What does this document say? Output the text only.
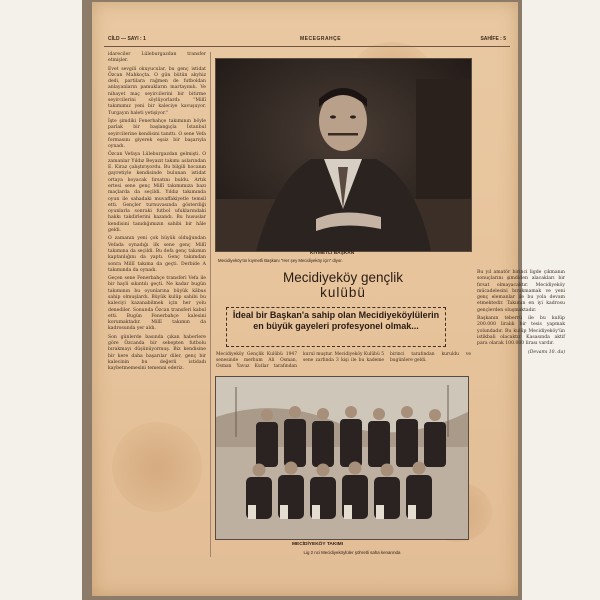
CİLD — SAYI : 1	MECEGRAHÇE	SAHİFE : 5

idareciler Lüleburgazdan transfer etmişler.

Evet sevgili okuyucular, bu genç istidat Özcan Mahkoçta. O gün bütün akyhiz dedi, partilara rağmen de futboldan anlayanların pamukların martayınılı. Ve nihayet maç seyircilerini bir bitirme seyircilerini söylüyorlardı: "Millî takımımız yeni bir kaleciye kavuşuyor. Turgayın haleti yetişiyor."

İşte şimdiki Fenerbahçe takımının böyle parlak bir başlangıçla İstanbul seyircilerine kendisini tanıttı. O sene Vefa formasını giyerek eşsiz bir başarıyla oynadı.

Özcan Vefaya Lüleburgazdan gelmişti. O zamanlar Yıldız Beyazıt takımı aslarından E. Kiraz çalıştırıyordu. Bu bilgili hocanın gayretiyle kendisinde bulunan istidat ortaya koyacak fırsatını buldu. Artık ertesi sene genç Millî takımımıza bazı maçlarda da seçildi. Yıldız takımında oyun ile sahadaki muvaffakiyetle temsil etti. Gençler turnuvasında gösterdiği oyunlarla sonraki futbol ufuklarındaki hakkı takdirlerini kazandı. Bu hususlar kendisini tanıdığımızın sahibi bir hâle geldi.

O zamanın yeni çok büyük olduğundan Vefada oynadığı ilk sene genç Millî takımına da seçildi. Bu defa genç takımın kaptanlığını da yaptı. Genç takımdan sonra Millî takıma da geçti. Derbide A takımında da oynadı.

Geçen sene Fenerbahçe transferi Vefa ile bir hayli sıkıntılı geçti. Ne kadar bugün takımının bu oyunlarına büyük kâbus sahip olmuşlardı. Büyük kulüp sahibi bu kaleciyi kazanabilmek için her yolu denediler. Sonunda Özcan transferi kabul etti. Bugün Fenerbahçe kalesini korumaktadır. Millî takımın da kadrosunda yer aldı.

Son günlerde basında çıkan haberlere göre Özcanda bir sebepten futbolu bırakmayı düşünüyormuş. Biz kendisine bir kere daha başarılar diler, genç bir kalecinin bu değerli istidadı kaybetmemesini temenni ederiz.

KIYMETLİ BAŞKAN
Mecidiyeköy'ün kıymetli Başkanı "Her şey Mecidiyeköy için" diyor.
Mecidiyeköy gençlik
kulübü
İdeal bir Başkan'a sahip olan Mecidiyeköylülerin en büyük gayeleri profesyonel olmak...
Mecidiyeköy Gençlik Kulübü 1947 senesinde merhum Ali Osman, Osman Yavuz Kutlar tarafından kurul muştur. Mecidiyeköy Kulübü 5 sene zarfında 3 kişi ile bu kademe birinci tarafından kuruldu ve bugünlere geldi.

Bu yıl amatör birinci ligde çıkmanın sonuçlarını şimdiden alacakları bir fırsat olmayacaktır. Mecidiyeköy mücadelesini bırakmamak ve yeni genç elemanlar ile bu yola devam etmektedir. Takımın en iyi kadrosu gençlerden oluşmaktadır.

Başkanın teberrü ile bu kulüp 200.000 liralık bir tesis yapmak yolundadır. Bu kulüp Mecidiyeköy'ün istikbali olacaktır. Kasasında aktif para olarak 100.000 lirası vardır.

(Devamı 10. da)
MECİDİYEKÖY TAKIMI
Lig 2 nci Mecidiyeköylüler şöhretli saha kenarında
